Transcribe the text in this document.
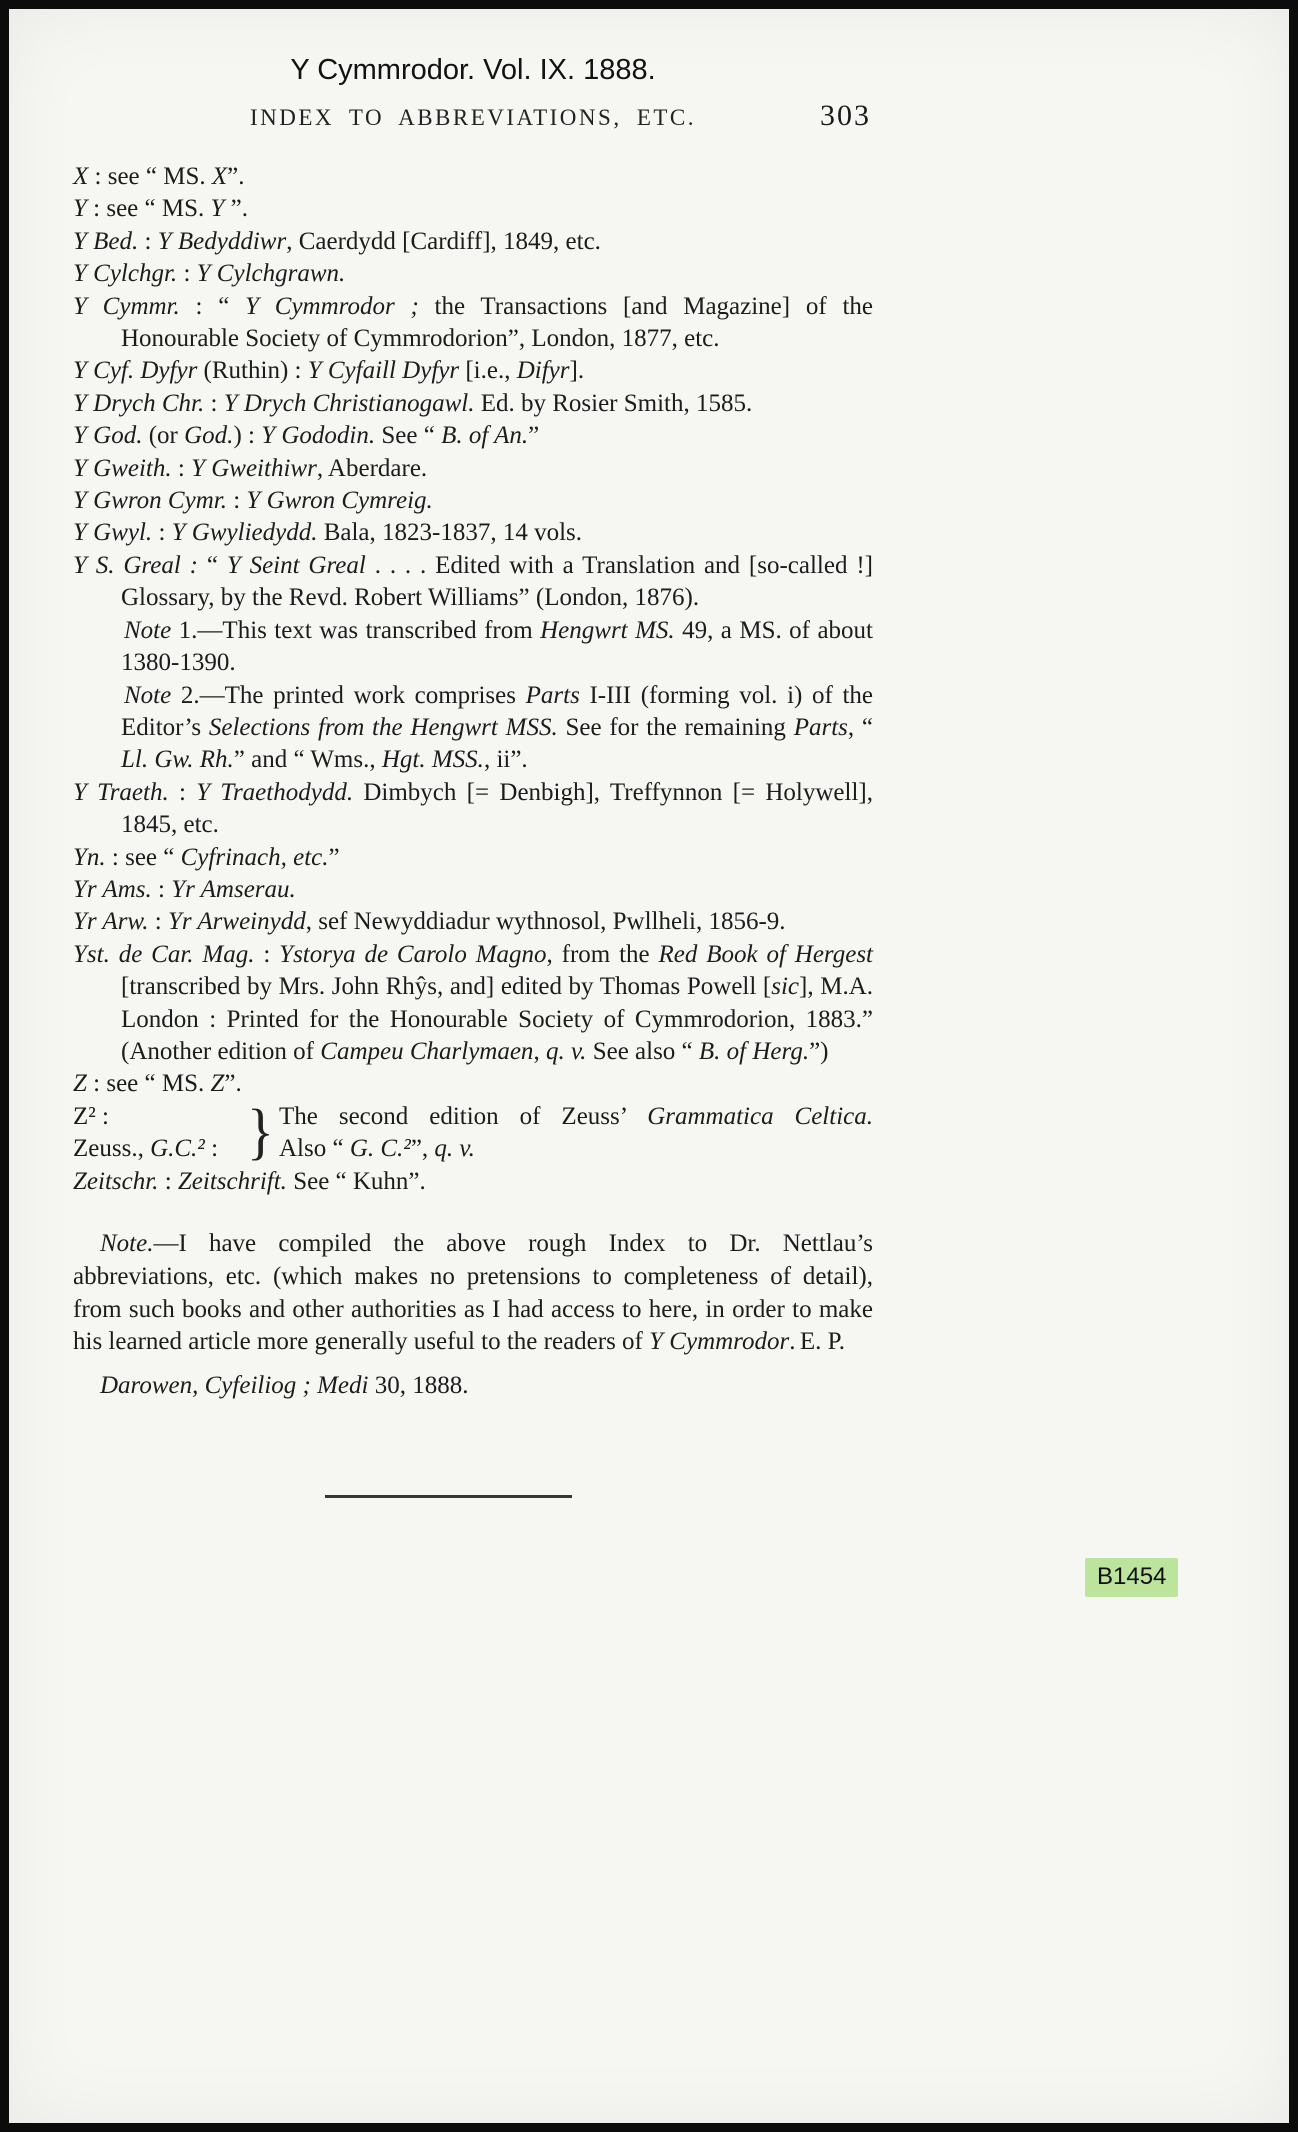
Y Cymmrodor. Vol. IX. 1888.
INDEX TO ABBREVIATIONS, ETC.	303

X : see “ MS. X”.

Y : see “ MS. Y ”.

Y Bed. : Y Bedyddiwr, Caerdydd [Cardiff], 1849, etc.

Y Cylchgr. : Y Cylchgrawn.

Y Cymmr. : “ Y Cymmrodor ; the Transactions [and Magazine] of the Honourable Society of Cymmrodorion”, London, 1877, etc.

Y Cyf. Dyfyr (Ruthin) : Y Cyfaill Dyfyr [i.e., Difyr].

Y Drych Chr. : Y Drych Christianogawl. Ed. by Rosier Smith, 1585.

Y God. (or God.) : Y Gododin. See “ B. of An.”

Y Gweith. : Y Gweithiwr, Aberdare.

Y Gwron Cymr. : Y Gwron Cymreig.

Y Gwyl. : Y Gwyliedydd. Bala, 1823-1837, 14 vols.

Y S. Greal : “ Y Seint Greal . . . . Edited with a Translation and [so-called !] Glossary, by the Revd. Robert Williams” (London, 1876).

Note 1.—This text was transcribed from Hengwrt MS. 49, a MS. of about 1380-1390.

Note 2.—The printed work comprises Parts I-III (forming vol. i) of the Editor’s Selections from the Hengwrt MSS. See for the remaining Parts, “ Ll. Gw. Rh.” and “ Wms., Hgt. MSS., ii”.

Y Traeth. : Y Traethodydd. Dimbych [= Denbigh], Treffynnon [= Holywell], 1845, etc.

Yn. : see “ Cyfrinach, etc.”

Yr Ams. : Yr Amserau.

Yr Arw. : Yr Arweinydd, sef Newyddiadur wythnosol, Pwllheli, 1856-9.

Yst. de Car. Mag. : Ystorya de Carolo Magno, from the Red Book of Hergest [transcribed by Mrs. John Rhŷs, and] edited by Thomas Powell [sic], M.A. London : Printed for the Honourable Society of Cymmrodorion, 1883.” (Another edition of Campeu Charlymaen, q. v. See also “ B. of Herg.”)

Z : see “ MS. Z”.

Z² :
Zeuss., G.C.² : } The second edition of Zeuss’ Grammatica Celtica.
Also “ G. C.²”, q. v.

Zeitschr. : Zeitschrift. See “ Kuhn”.

Note.—I have compiled the above rough Index to Dr. Nettlau’s abbreviations, etc. (which makes no pretensions to completeness of detail), from such books and other authorities as I had access to here, in order to make his learned article more generally useful to the readers of Y Cymmrodor. E. P.

Darowen, Cyfeiliog ; Medi 30, 1888.
B1454
